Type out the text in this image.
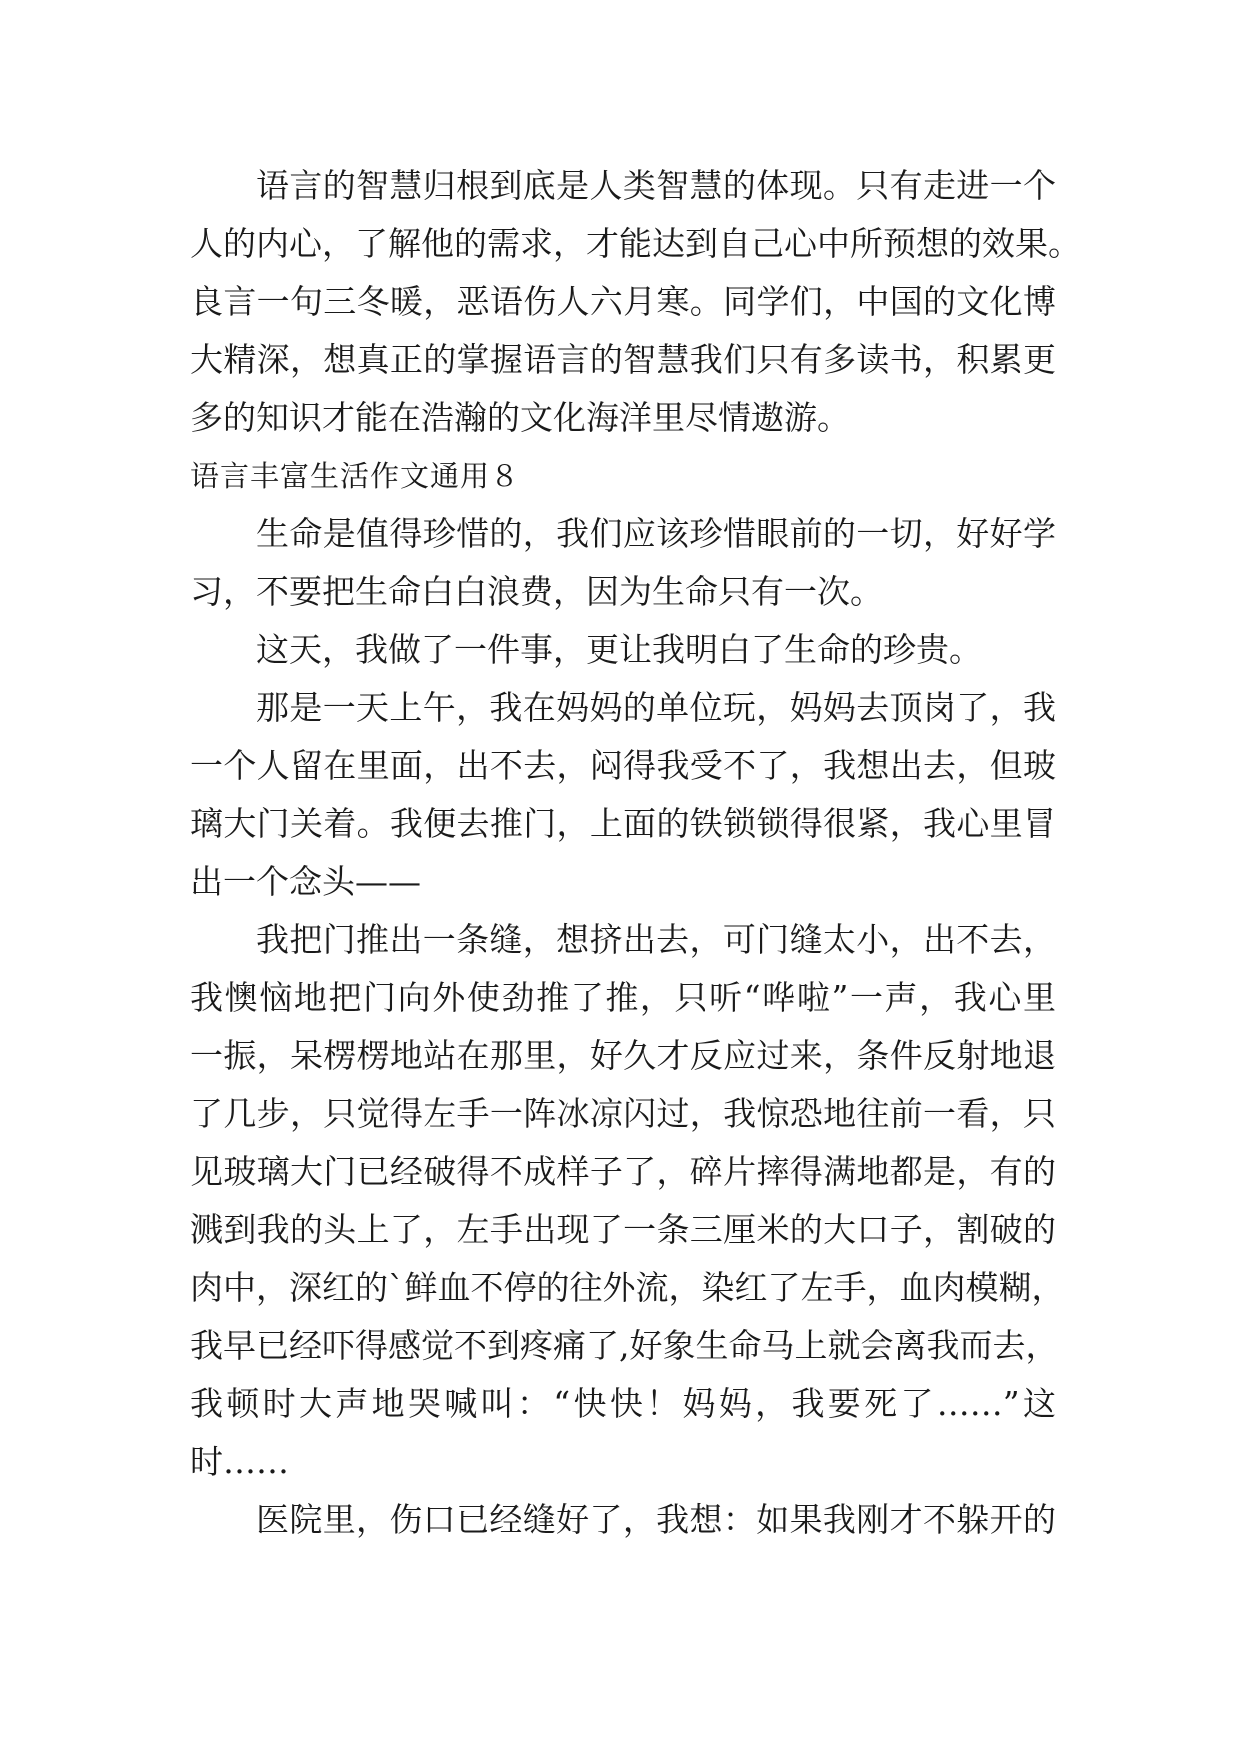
语言的智慧归根到底是人类智慧的体现。只有走进一个
人的内心，了解他的需求，才能达到自己心中所预想的效果。
良言一句三冬暖，恶语伤人六月寒。同学们，中国的文化博
大精深，想真正的掌握语言的智慧我们只有多读书，积累更
多的知识才能在浩瀚的文化海洋里尽情遨游。
语言丰富生活作文通用８
生命是值得珍惜的，我们应该珍惜眼前的一切，好好学
习，不要把生命白白浪费，因为生命只有一次。
这天，我做了一件事，更让我明白了生命的珍贵。
那是一天上午，我在妈妈的单位玩，妈妈去顶岗了，我
一个人留在里面，出不去，闷得我受不了，我想出去，但玻
璃大门关着。我便去推门，上面的铁锁锁得很紧，我心里冒
出一个念头——
我把门推出一条缝，想挤出去，可门缝太小，出不去，
我懊恼地把门向外使劲推了推，只听“哗啦”一声，我心里
一振，呆楞楞地站在那里，好久才反应过来，条件反射地退
了几步，只觉得左手一阵冰凉闪过，我惊恐地往前一看，只
见玻璃大门已经破得不成样子了，碎片摔得满地都是，有的
溅到我的头上了，左手出现了一条三厘米的大口子，割破的
肉中，深红的`鲜血不停的往外流，染红了左手，血肉模糊，
我早已经吓得感觉不到疼痛了,好象生命马上就会离我而去，
我顿时大声地哭喊叫：“快快！妈妈，我要死了……”这
时……
医院里，伤口已经缝好了，我想：如果我刚才不躲开的
